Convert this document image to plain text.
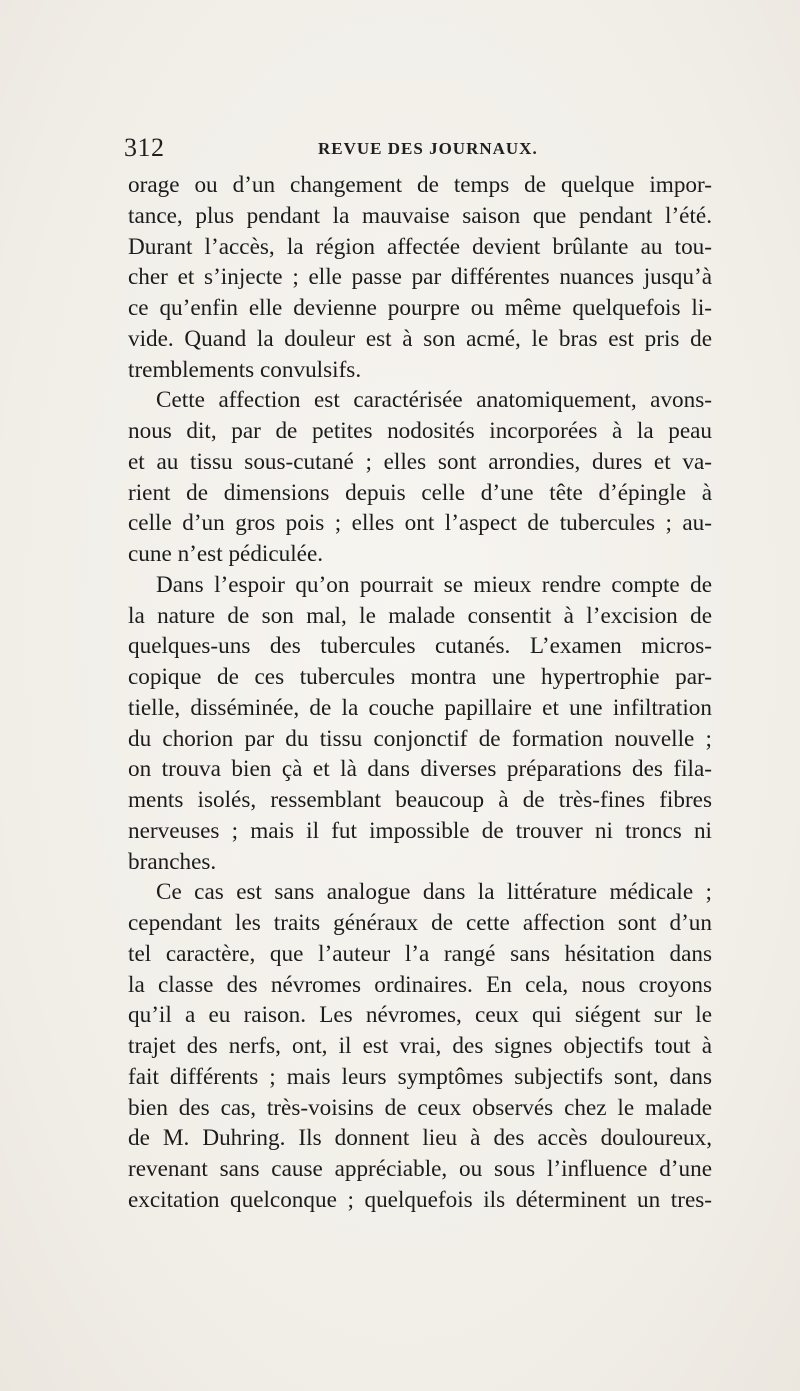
312	REVUE DES JOURNAUX.
orage ou d’un changement de temps de quelque impor-
tance, plus pendant la mauvaise saison que pendant l’été.
Durant l’accès, la région affectée devient brûlante au tou-
cher et s’injecte ; elle passe par différentes nuances jusqu’à
ce qu’enfin elle devienne pourpre ou même quelquefois li-
vide. Quand la douleur est à son acmé, le bras est pris de
tremblements convulsifs.
Cette affection est caractérisée anatomiquement, avons-
nous dit, par de petites nodosités incorporées à la peau
et au tissu sous-cutané ; elles sont arrondies, dures et va-
rient de dimensions depuis celle d’une tête d’épingle à
celle d’un gros pois ; elles ont l’aspect de tubercules ; au-
cune n’est pédiculée.
Dans l’espoir qu’on pourrait se mieux rendre compte de
la nature de son mal, le malade consentit à l’excision de
quelques-uns des tubercules cutanés. L’examen micros-
copique de ces tubercules montra une hypertrophie par-
tielle, disséminée, de la couche papillaire et une infiltration
du chorion par du tissu conjonctif de formation nouvelle ;
on trouva bien çà et là dans diverses préparations des fila-
ments isolés, ressemblant beaucoup à de très-fines fibres
nerveuses ; mais il fut impossible de trouver ni troncs ni
branches.
Ce cas est sans analogue dans la littérature médicale ;
cependant les traits généraux de cette affection sont d’un
tel caractère, que l’auteur l’a rangé sans hésitation dans
la classe des névromes ordinaires. En cela, nous croyons
qu’il a eu raison. Les névromes, ceux qui siégent sur le
trajet des nerfs, ont, il est vrai, des signes objectifs tout à
fait différents ; mais leurs symptômes subjectifs sont, dans
bien des cas, très-voisins de ceux observés chez le malade
de M. Duhring. Ils donnent lieu à des accès douloureux,
revenant sans cause appréciable, ou sous l’influence d’une
excitation quelconque ; quelquefois ils déterminent un tres-
